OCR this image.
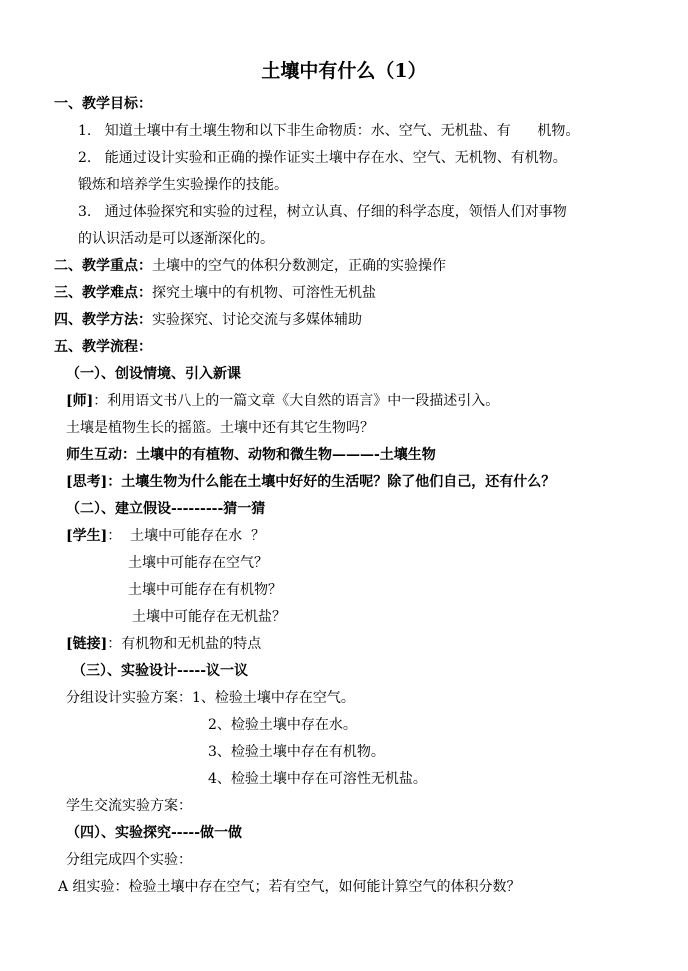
土壤中有什么（1）
一、教学目标：
1.   知道土壤中有土壤生物和以下非生命物质：水、空气、无机盐、有      机物。
2.   能通过设计实验和正确的操作证实土壤中存在水、空气、无机物、有机物。
锻炼和培养学生实验操作的技能。
3.   通过体验探究和实验的过程，树立认真、仔细的科学态度，领悟人们对事物
的认识活动是可以逐渐深化的。
二、教学重点：土壤中的空气的体积分数测定，正确的实验操作
三、教学难点：探究土壤中的有机物、可溶性无机盐
四、教学方法：实验探究、讨论交流与多媒体辅助
五、教学流程：
（一）、创设情境、引入新课
[师]：利用语文书八上的一篇文章《大自然的语言》中一段描述引入。
土壤是植物生长的摇篮。土壤中还有其它生物吗？
师生互动：土壤中的有植物、动物和微生物———-土壤生物
[思考]：土壤生物为什么能在土壤中好好的生活呢？除了他们自己，还有什么？
（二）、建立假设---------猜一猜
[学生]：  土壤中可能存在水  ？
土壤中可能存在空气？
土壤中可能存在有机物？
土壤中可能存在无机盐？
[链接]：有机物和无机盐的特点
（三）、实验设计-----议一议
分组设计实验方案：1、检验土壤中存在空气。
2、检验土壤中存在水。
3、检验土壤中存在有机物。
4、检验土壤中存在可溶性无机盐。
学生交流实验方案：
（四）、实验探究-----做一做
分组完成四个实验：
A 组实验：检验土壤中存在空气；若有空气，如何能计算空气的体积分数？
